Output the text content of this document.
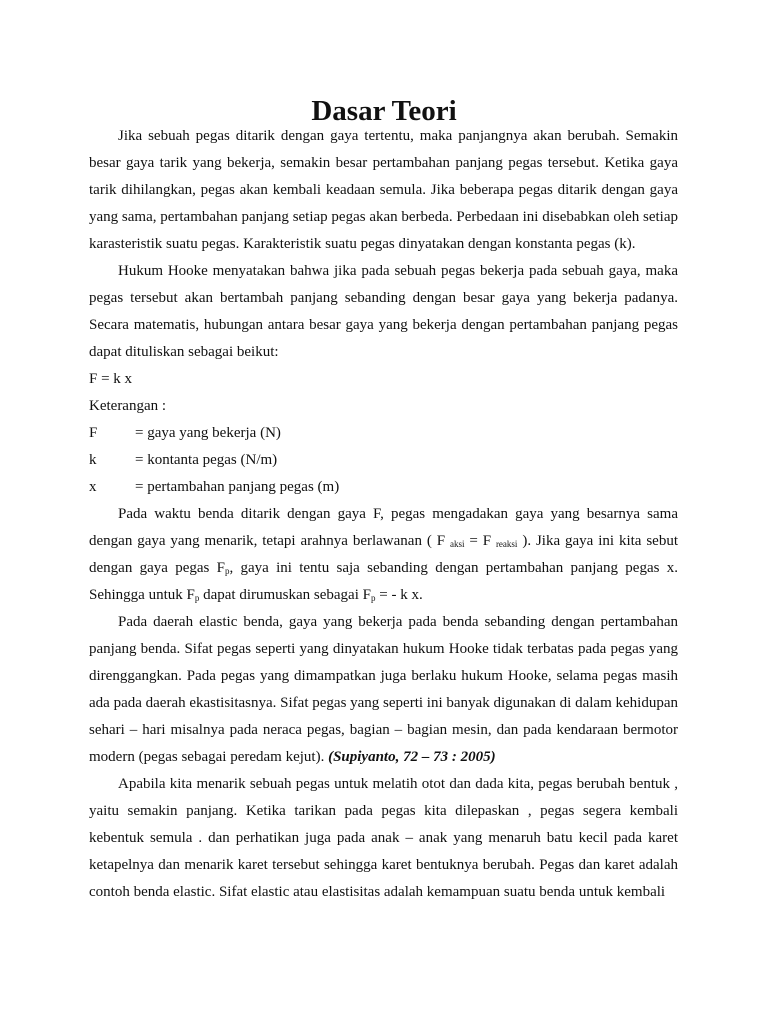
Dasar Teori

Jika sebuah pegas ditarik dengan gaya tertentu, maka panjangnya akan berubah. Semakin besar gaya tarik yang bekerja, semakin besar pertambahan panjang pegas tersebut. Ketika gaya tarik dihilangkan, pegas akan kembali keadaan semula. Jika beberapa pegas ditarik dengan gaya yang sama, pertambahan panjang setiap pegas akan berbeda. Perbedaan ini disebabkan oleh setiap karasteristik suatu pegas. Karakteristik suatu pegas dinyatakan dengan konstanta pegas (k).

Hukum Hooke menyatakan bahwa jika pada sebuah pegas bekerja pada sebuah gaya, maka pegas tersebut akan bertambah panjang sebanding dengan besar gaya yang bekerja padanya. Secara matematis, hubungan antara besar gaya yang bekerja dengan pertambahan panjang pegas dapat dituliskan sebagai beikut:

F = k x

Keterangan :

F	= gaya yang bekerja (N)
k	= kontanta pegas (N/m)
x	= pertambahan panjang pegas (m)

Pada waktu benda ditarik dengan gaya F, pegas mengadakan gaya yang besarnya sama dengan gaya yang menarik, tetapi arahnya berlawanan ( F $_{aksi}$ = F $_{reaksi}$ ). Jika gaya ini kita sebut dengan gaya pegas $F_p$, gaya ini tentu saja sebanding dengan pertambahan panjang pegas x. Sehingga untuk $F_p$ dapat dirumuskan sebagai $F_p$ = - k x.

Pada daerah elastic benda, gaya yang bekerja pada benda sebanding dengan pertambahan panjang benda. Sifat pegas seperti yang dinyatakan hukum Hooke tidak terbatas pada pegas yang direnggangkan. Pada pegas yang dimampatkan juga berlaku hukum Hooke, selama pegas masih ada pada daerah ekastisitasnya. Sifat pegas yang seperti ini banyak digunakan di dalam kehidupan sehari – hari misalnya pada neraca pegas, bagian – bagian mesin, dan pada kendaraan bermotor modern (pegas sebagai peredam kejut). (Supiyanto, 72 – 73 : 2005)

Apabila kita menarik sebuah pegas untuk melatih otot dan dada kita, pegas berubah bentuk , yaitu semakin panjang. Ketika tarikan pada pegas kita dilepaskan , pegas segera kembali kebentuk semula . dan perhatikan juga pada anak – anak yang menaruh batu kecil pada karet ketapelnya dan menarik karet tersebut sehingga karet bentuknya berubah. Pegas dan karet adalah contoh benda elastic. Sifat elastic atau elastisitas adalah kemampuan suatu benda untuk kembali
